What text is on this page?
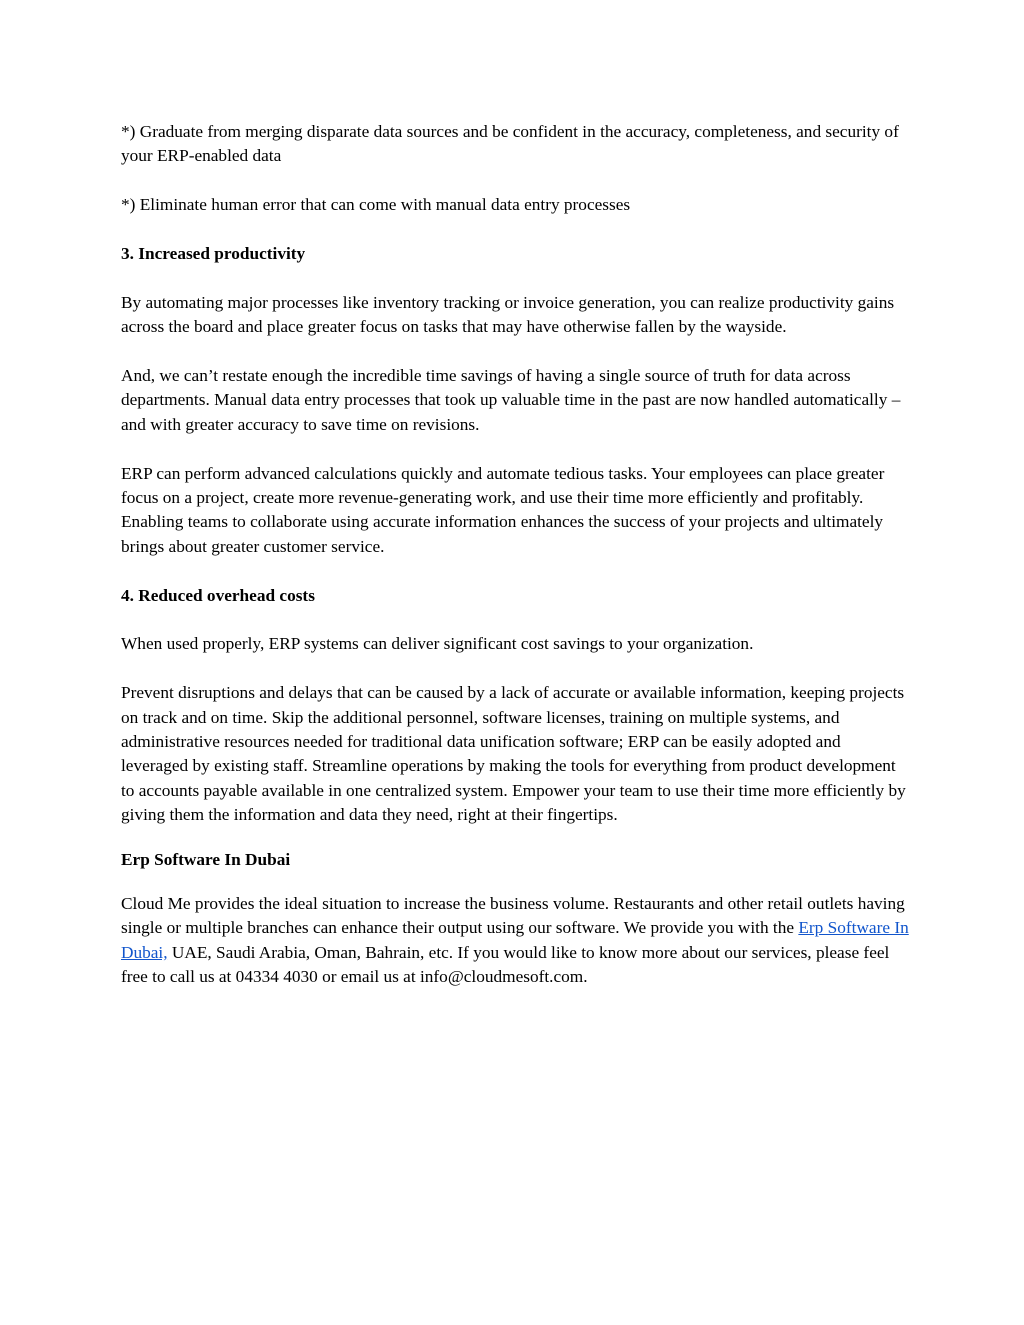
*) Graduate from merging disparate data sources and be confident in the accuracy, completeness, and security of your ERP-enabled data

*) Eliminate human error that can come with manual data entry processes

3. Increased productivity

By automating major processes like inventory tracking or invoice generation, you can realize productivity gains across the board and place greater focus on tasks that may have otherwise fallen by the wayside.

And, we can’t restate enough the incredible time savings of having a single source of truth for data across departments. Manual data entry processes that took up valuable time in the past are now handled automatically – and with greater accuracy to save time on revisions.

ERP can perform advanced calculations quickly and automate tedious tasks. Your employees can place greater focus on a project, create more revenue-generating work, and use their time more efficiently and profitably. Enabling teams to collaborate using accurate information enhances the success of your projects and ultimately brings about greater customer service.

4. Reduced overhead costs

When used properly, ERP systems can deliver significant cost savings to your organization.

Prevent disruptions and delays that can be caused by a lack of accurate or available information, keeping projects on track and on time. Skip the additional personnel, software licenses, training on multiple systems, and administrative resources needed for traditional data unification software; ERP can be easily adopted and leveraged by existing staff. Streamline operations by making the tools for everything from product development to accounts payable available in one centralized system. Empower your team to use their time more efficiently by giving them the information and data they need, right at their fingertips.

Erp Software In Dubai

Cloud Me provides the ideal situation to increase the business volume. Restaurants and other retail outlets having single or multiple branches can enhance their output using our software. We provide you with the Erp Software In Dubai, UAE, Saudi Arabia, Oman, Bahrain, etc. If you would like to know more about our services, please feel free to call us at 04334 4030 or email us at info@cloudmesoft.com.
